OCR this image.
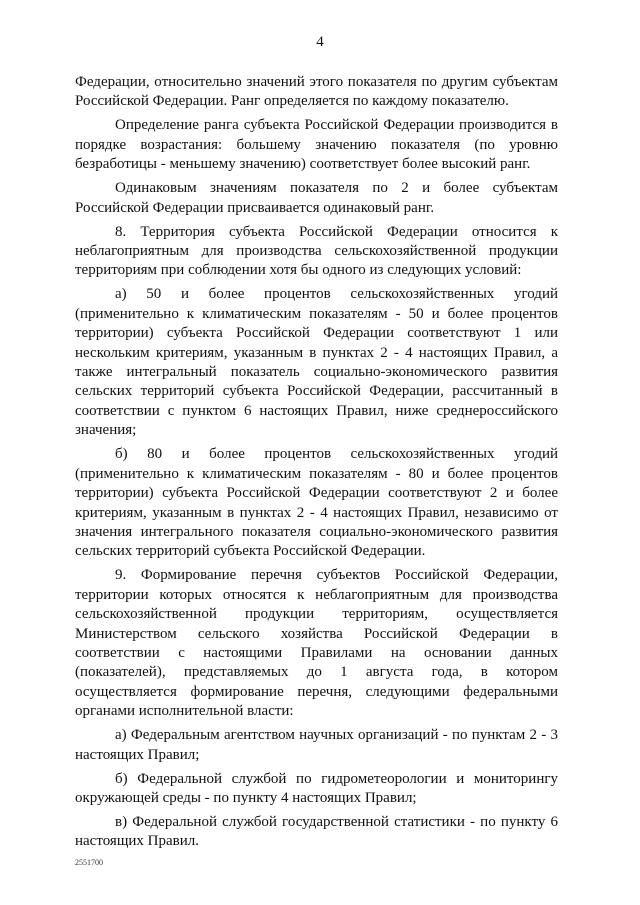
4

Федерации, относительно значений этого показателя по другим субъектам Российской Федерации. Ранг определяется по каждому показателю.

Определение ранга субъекта Российской Федерации производится в порядке возрастания: большему значению показателя (по уровню безработицы - меньшему значению) соответствует более высокий ранг.

Одинаковым значениям показателя по 2 и более субъектам Российской Федерации присваивается одинаковый ранг.

8. Территория субъекта Российской Федерации относится к неблагоприятным для производства сельскохозяйственной продукции территориям при соблюдении хотя бы одного из следующих условий:

а) 50 и более процентов сельскохозяйственных угодий (применительно к климатическим показателям - 50 и более процентов территории) субъекта Российской Федерации соответствуют 1 или нескольким критериям, указанным в пунктах 2 - 4 настоящих Правил, а также интегральный показатель социально-экономического развития сельских территорий субъекта Российской Федерации, рассчитанный в соответствии с пунктом 6 настоящих Правил, ниже среднероссийского значения;

б) 80 и более процентов сельскохозяйственных угодий (применительно к климатическим показателям - 80 и более процентов территории) субъекта Российской Федерации соответствуют 2 и более критериям, указанным в пунктах 2 - 4 настоящих Правил, независимо от значения интегрального показателя социально-экономического развития сельских территорий субъекта Российской Федерации.

9. Формирование перечня субъектов Российской Федерации, территории которых относятся к неблагоприятным для производства сельскохозяйственной продукции территориям, осуществляется Министерством сельского хозяйства Российской Федерации в соответствии с настоящими Правилами на основании данных (показателей), представляемых до 1 августа года, в котором осуществляется формирование перечня, следующими федеральными органами исполнительной власти:

а) Федеральным агентством научных организаций - по пунктам 2 - 3 настоящих Правил;

б) Федеральной службой по гидрометеорологии и мониторингу окружающей среды - по пункту 4 настоящих Правил;

в) Федеральной службой государственной статистики - по пункту 6 настоящих Правил.

2551700
